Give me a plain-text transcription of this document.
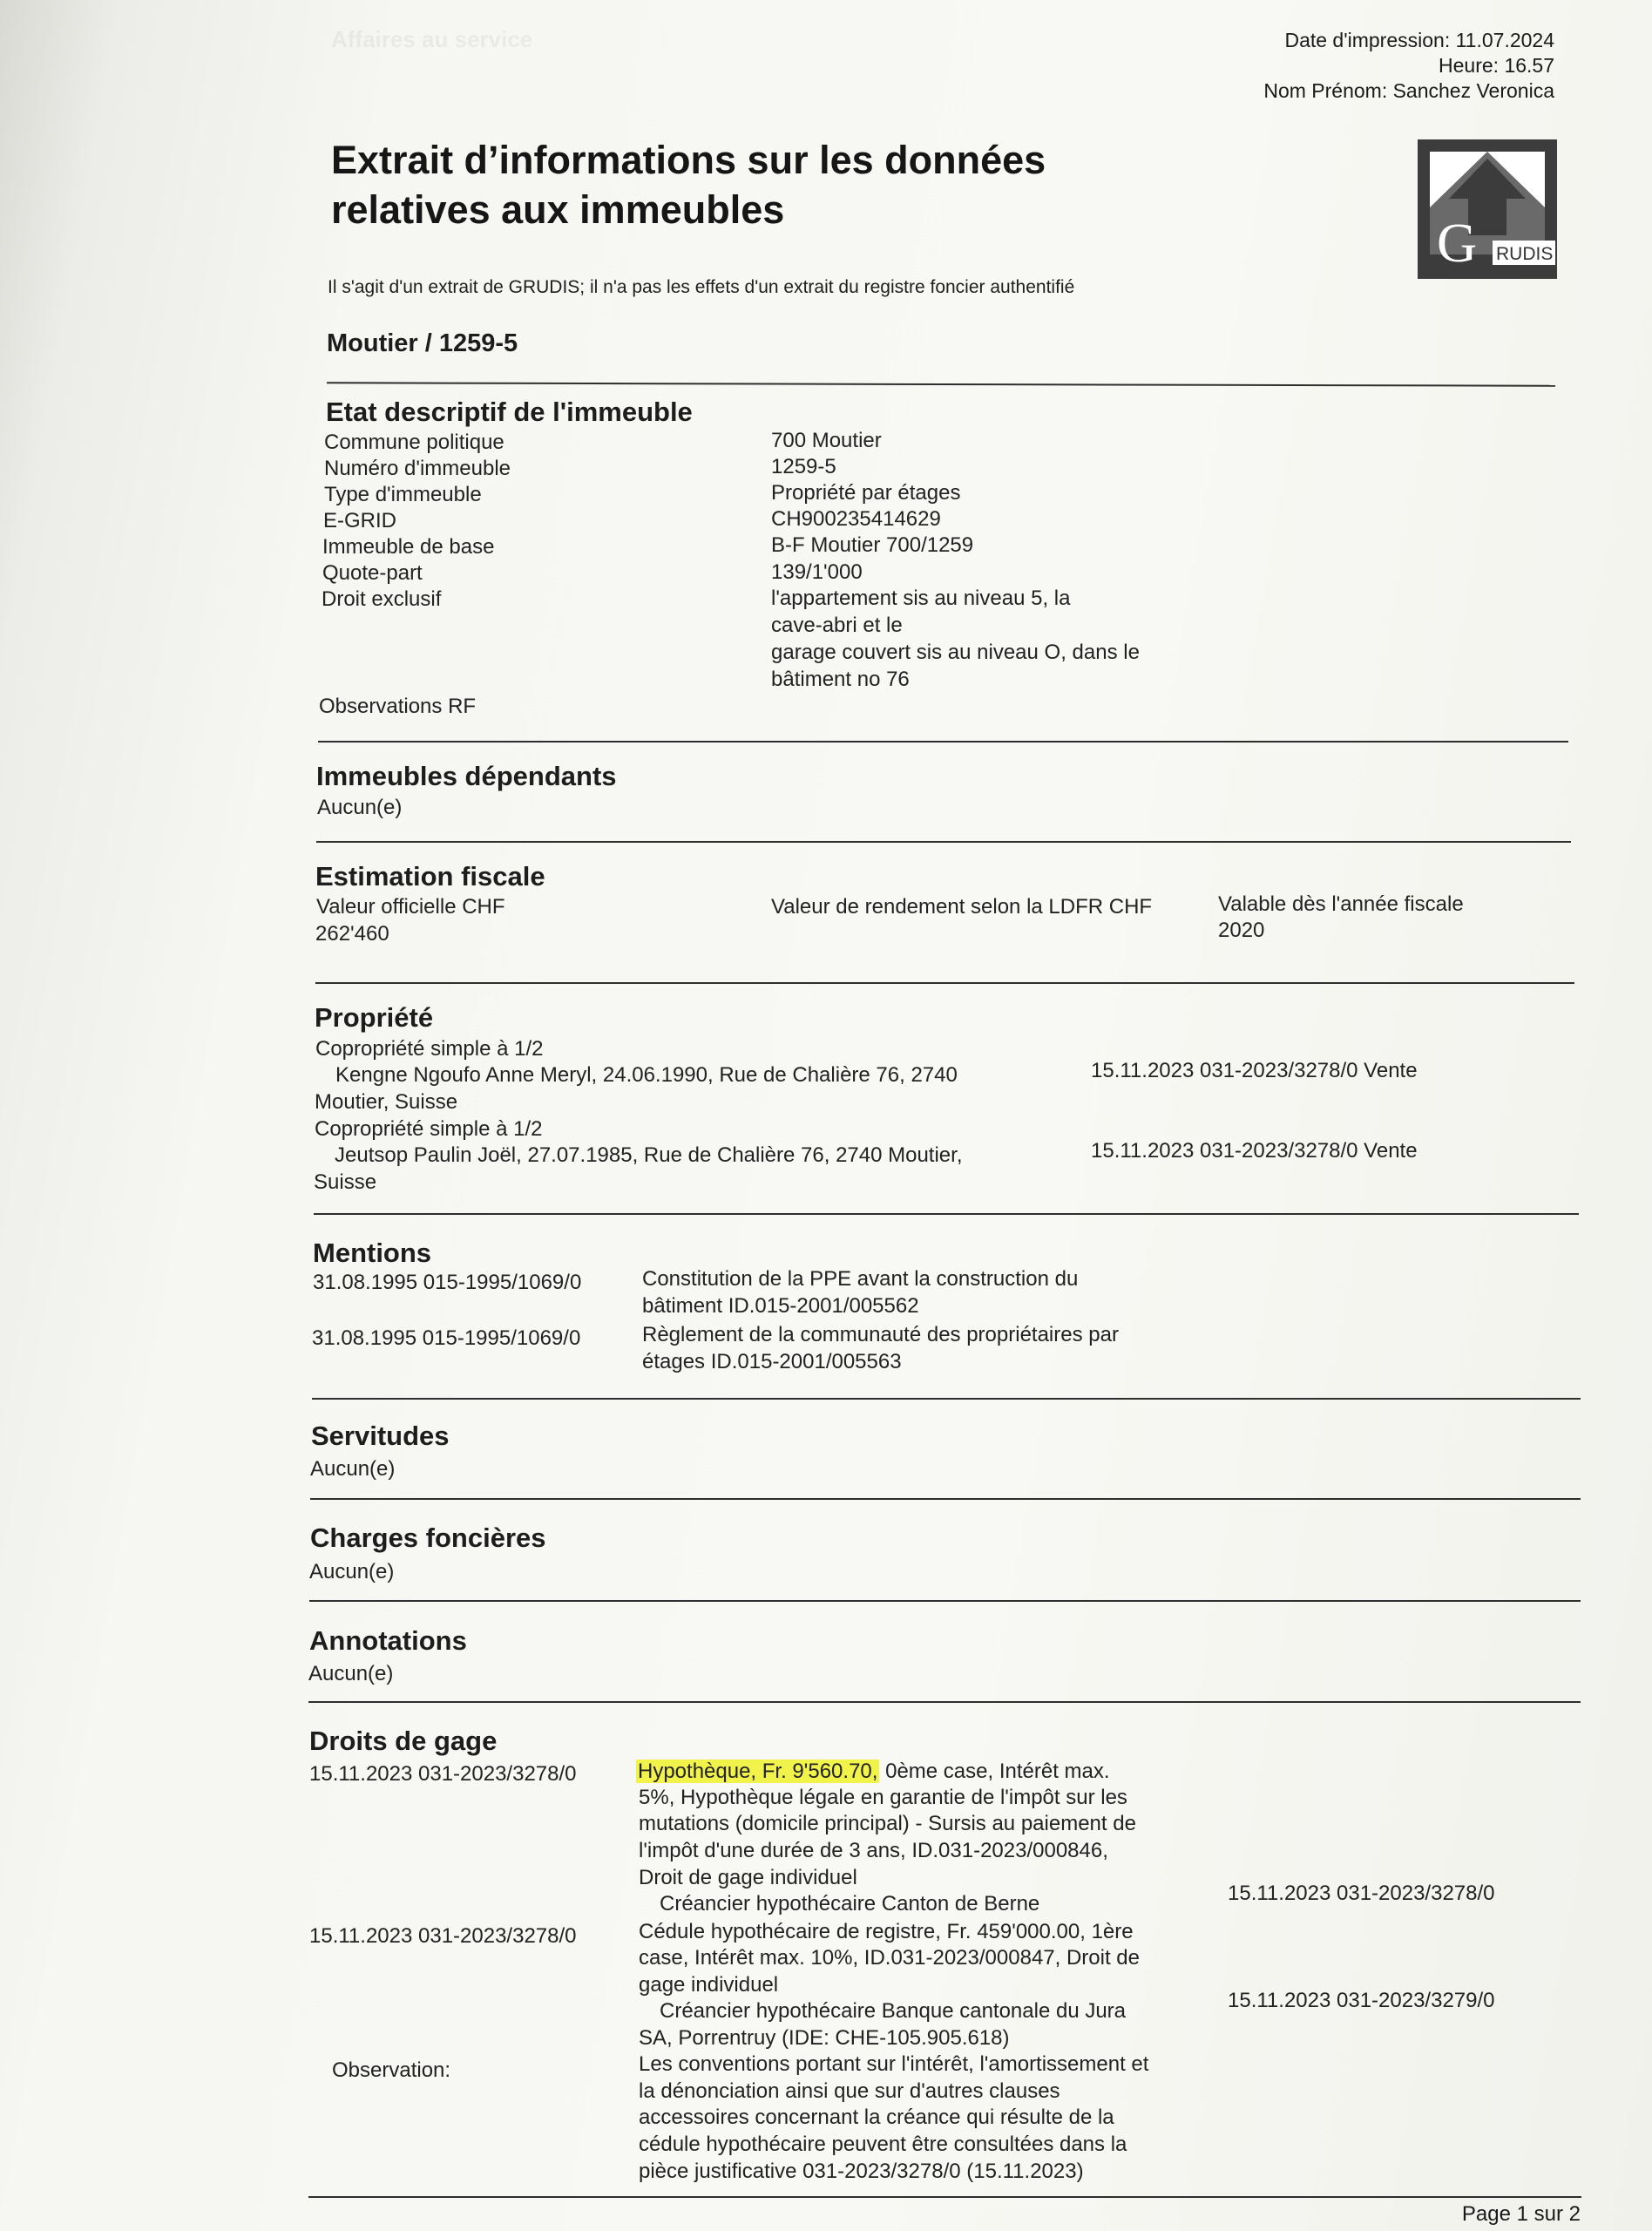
Affaires au service	Date d'impression: 11.07.2024
Heure: 16.57
Nom Prénom: Sanchez Veronica
Extrait d’informations sur les données
relatives aux immeubles
G RUDIS
Il s'agit d'un extrait de GRUDIS; il n'a pas les effets d'un extrait du registre foncier authentifié
Moutier / 1259-5
Etat descriptif de l'immeuble
Commune politique	700 Moutier
Numéro d'immeuble	1259-5
Type d'immeuble	Propriété par étages
E-GRID	CH900235414629
Immeuble de base	B-F Moutier 700/1259
Quote-part	139/1'000
Droit exclusif	l'appartement sis au niveau 5, la
cave-abri et le
garage couvert sis au niveau O, dans le
bâtiment no 76
Observations RF
Immeubles dépendants
Aucun(e)
Estimation fiscale
Valeur officielle CHF
262'460
Valeur de rendement selon la LDFR CHF	Valable dès l'année fiscale
2020
Propriété
Copropriété simple à 1/2
Kengne Ngoufo Anne Meryl, 24.06.1990, Rue de Chalière 76, 2740	15.11.2023 031-2023/3278/0 Vente
Moutier, Suisse
Copropriété simple à 1/2
Jeutsop Paulin Joël, 27.07.1985, Rue de Chalière 76, 2740 Moutier,	15.11.2023 031-2023/3278/0 Vente
Suisse
Mentions
31.08.1995 015-1995/1069/0	Constitution de la PPE avant la construction du
bâtiment ID.015-2001/005562
31.08.1995 015-1995/1069/0	Règlement de la communauté des propriétaires par
étages ID.015-2001/005563
Servitudes
Aucun(e)
Charges foncières
Aucun(e)
Annotations
Aucun(e)
Droits de gage
15.11.2023 031-2023/3278/0	Hypothèque, Fr. 9'560.70, 0ème case, Intérêt max.
5%, Hypothèque légale en garantie de l'impôt sur les
mutations (domicile principal) - Sursis au paiement de
l'impôt d'une durée de 3 ans, ID.031-2023/000846,
Droit de gage individuel
Créancier hypothécaire Canton de Berne	15.11.2023 031-2023/3278/0
15.11.2023 031-2023/3278/0	Cédule hypothécaire de registre, Fr. 459'000.00, 1ère
case, Intérêt max. 10%, ID.031-2023/000847, Droit de
gage individuel
Créancier hypothécaire Banque cantonale du Jura
SA, Porrentruy (IDE: CHE-105.905.618)
15.11.2023 031-2023/3279/0
Observation:	Les conventions portant sur l'intérêt, l'amortissement et
la dénonciation ainsi que sur d'autres clauses
accessoires concernant la créance qui résulte de la
cédule hypothécaire peuvent être consultées dans la
pièce justificative 031-2023/3278/0 (15.11.2023)
Page 1 sur 2
